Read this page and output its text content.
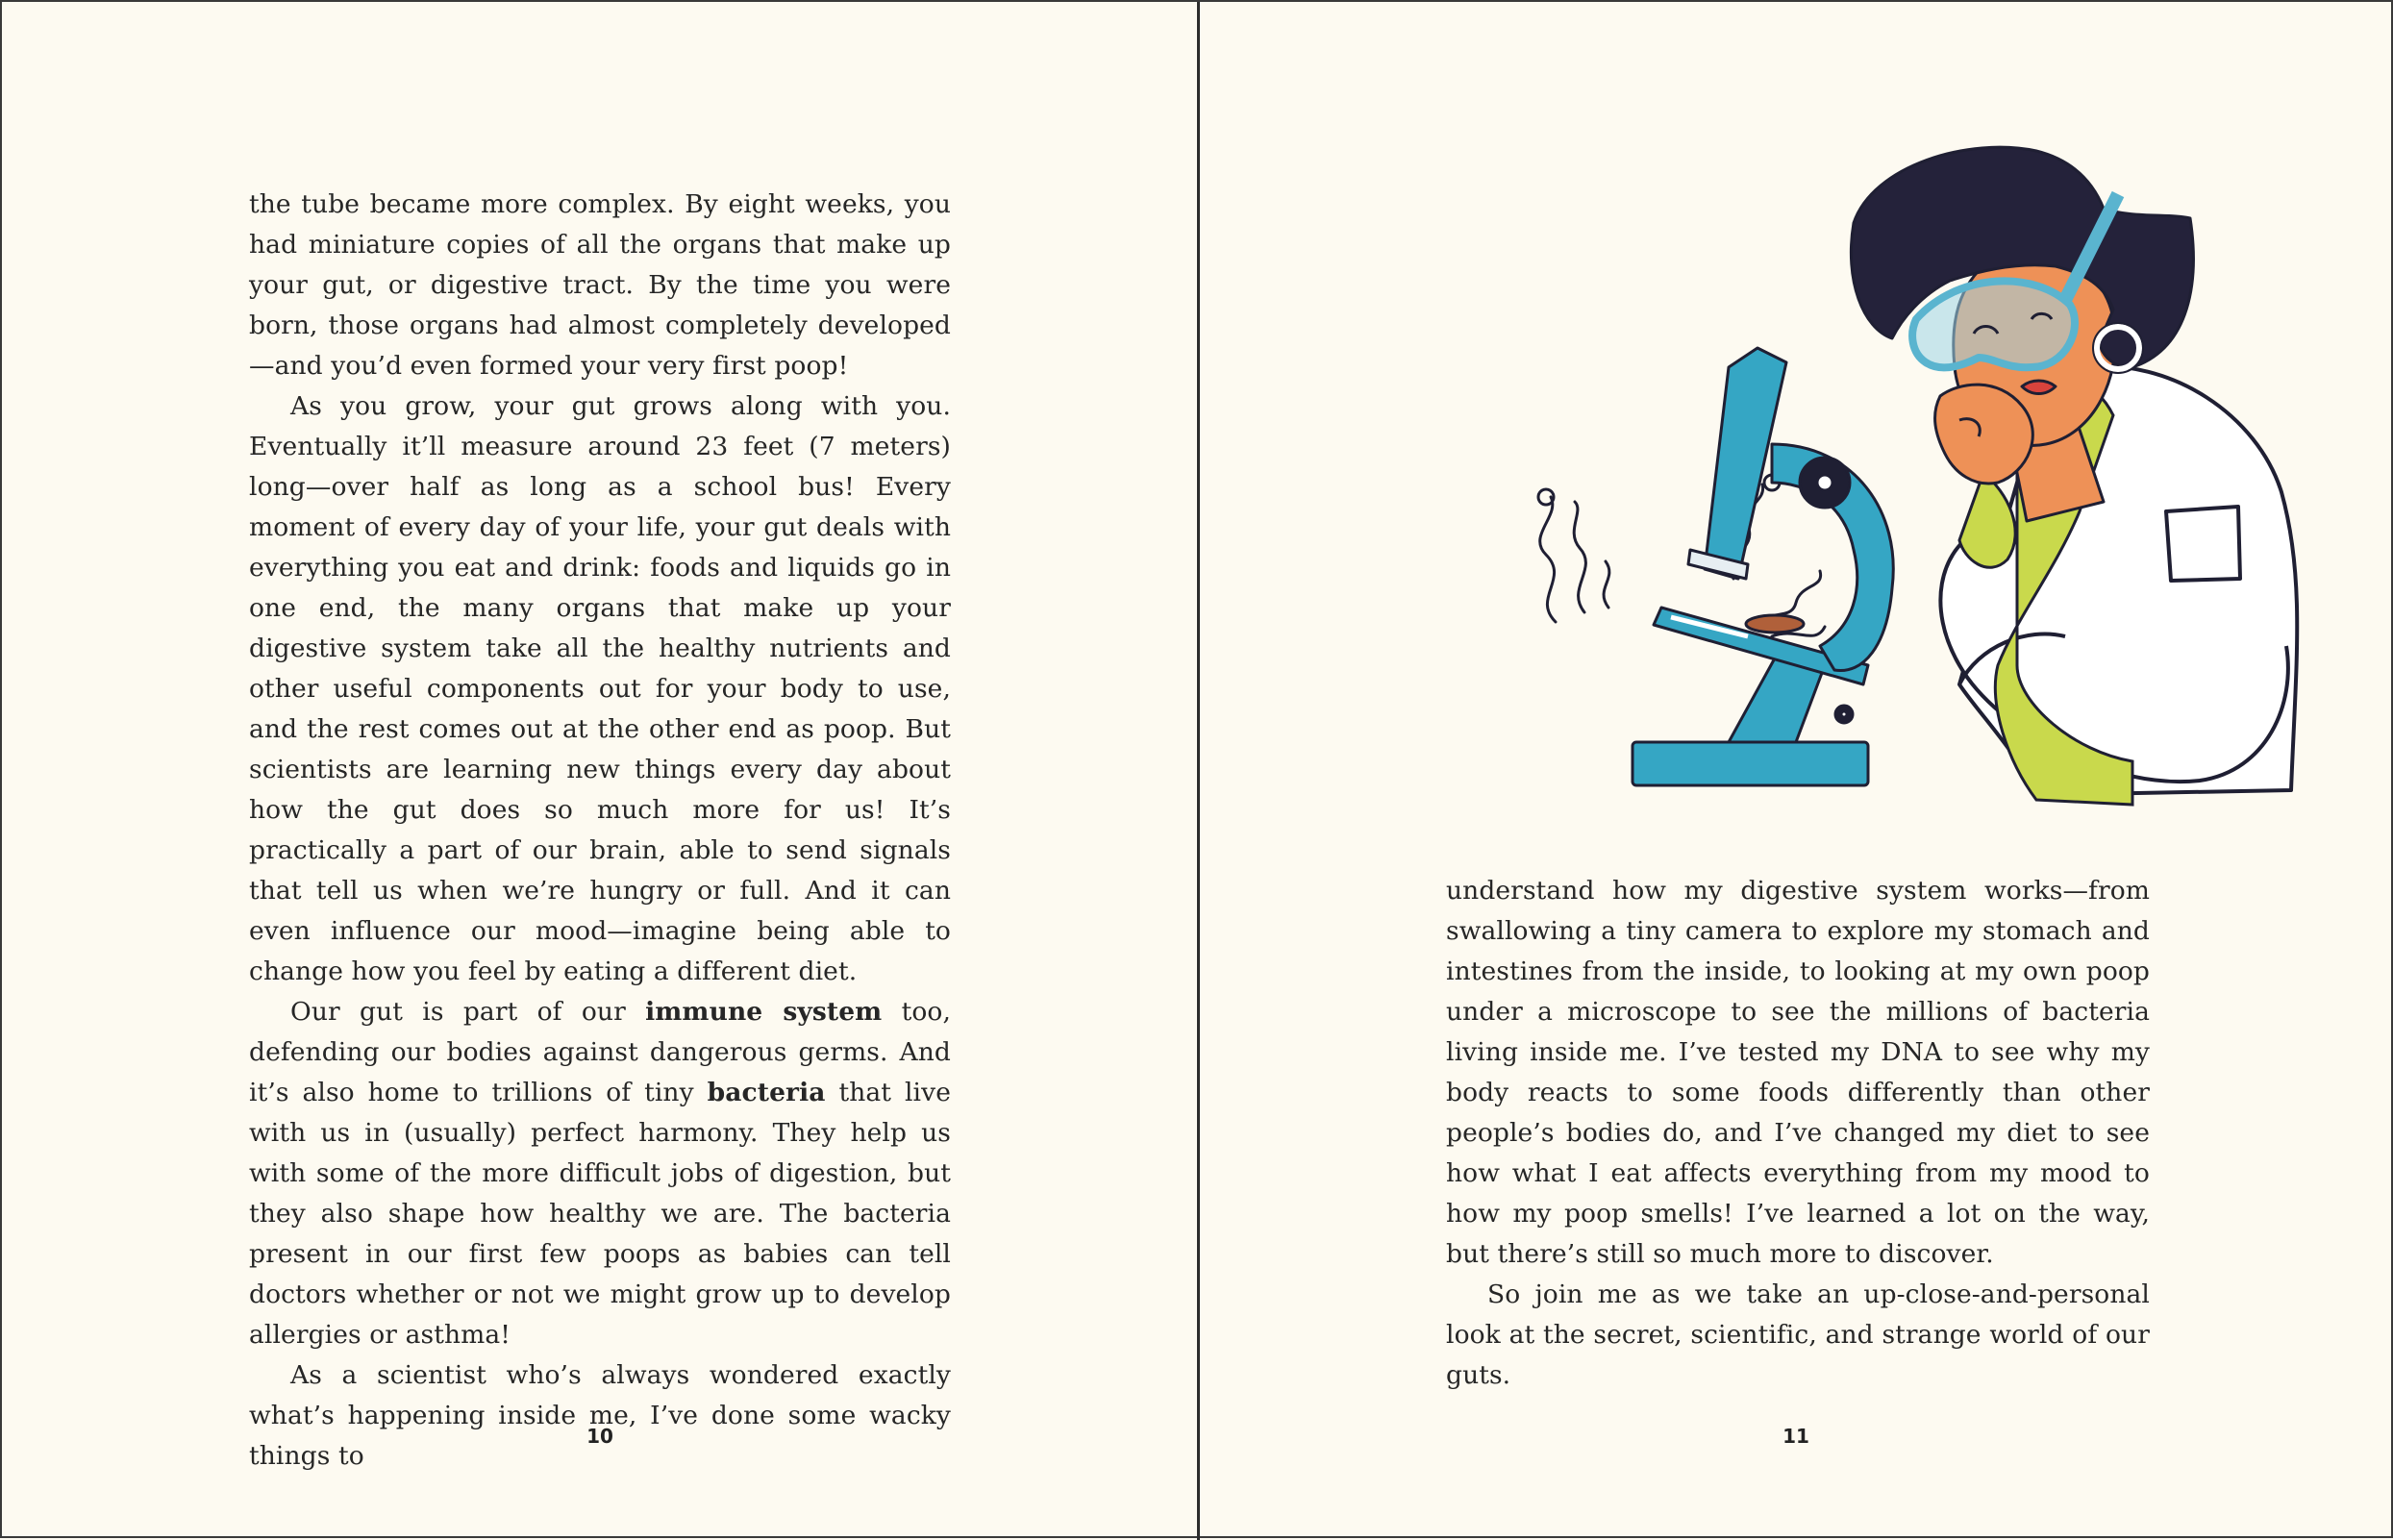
the tube became more complex. By eight weeks, you had miniature copies of all the organs that make up your gut, or digestive tract. By the time you were born, those organs had almost completely developed—and you’d even formed your very first poop!

As you grow, your gut grows along with you. Eventually it’ll measure around 23 feet (7 meters) long—over half as long as a school bus! Every moment of every day of your life, your gut deals with everything you eat and drink: foods and liquids go in one end, the many organs that make up your digestive system take all the healthy nutrients and other useful components out for your body to use, and the rest comes out at the other end as poop. But scientists are learning new things every day about how the gut does so much more for us! It’s practically a part of our brain, able to send signals that tell us when we’re hungry or full. And it can even influence our mood—imagine being able to change how you feel by eating a different diet.

Our gut is part of our immune system too, defending our bodies against dangerous germs. And it’s also home to trillions of tiny bacteria that live with us in (usually) perfect harmony. They help us with some of the more difficult jobs of digestion, but they also shape how healthy we are. The bacteria present in our first few poops as babies can tell doctors whether or not we might grow up to develop allergies or asthma!

As a scientist who’s always wondered exactly what’s happening inside me, I’ve done some wacky things to

10

understand how my digestive system works—from swallowing a tiny camera to explore my stomach and intestines from the inside, to looking at my own poop under a microscope to see the millions of bacteria living inside me. I’ve tested my DNA to see why my body reacts to some foods differently than other people’s bodies do, and I’ve changed my diet to see how what I eat affects everything from my mood to how my poop smells! I’ve learned a lot on the way, but there’s still so much more to discover.

So join me as we take an up-close-and-personal look at the secret, scientific, and strange world of our guts.

11
